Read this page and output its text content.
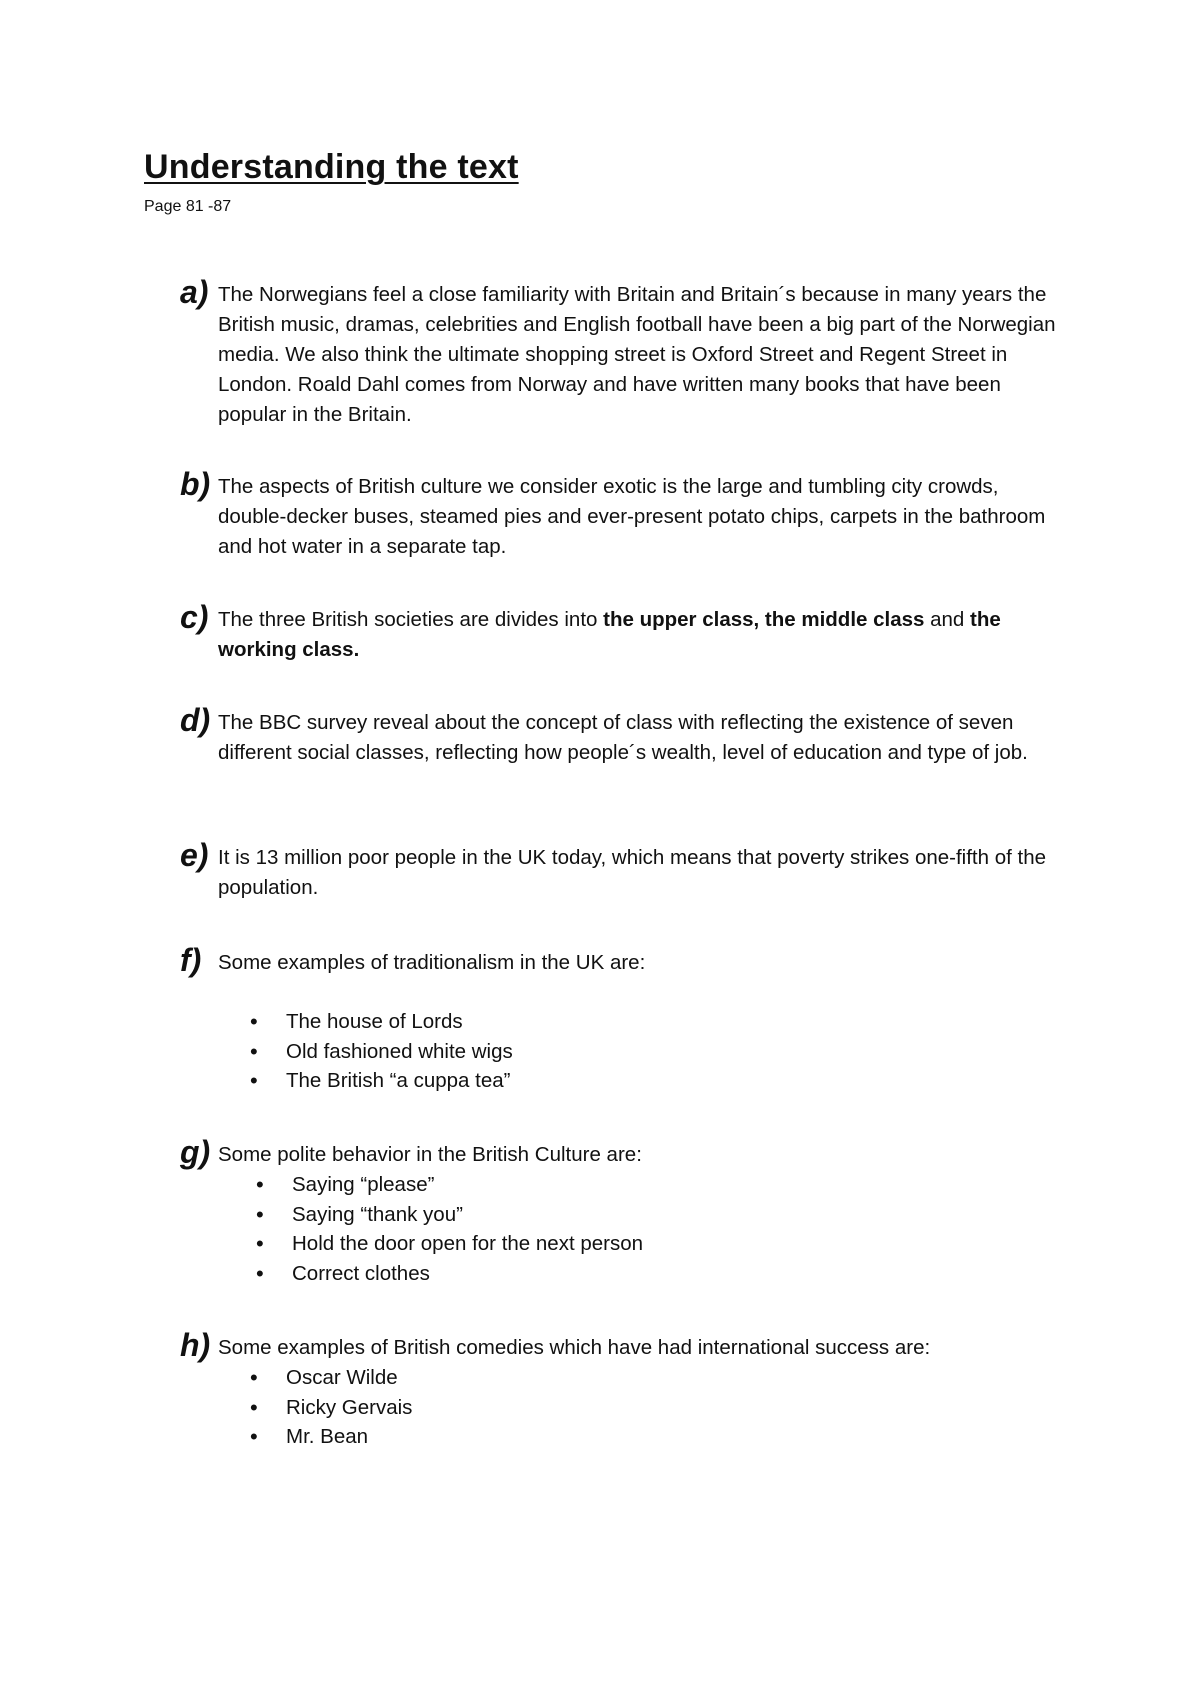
Understanding the text

Page 81 -87

a) The Norwegians feel a close familiarity with Britain and Britain´s because in many years the British music, dramas, celebrities and English football have been a big part of the Norwegian media. We also think the ultimate shopping street is Oxford Street and Regent Street in London. Roald Dahl comes from Norway and have written many books that have been popular in the Britain.

b) The aspects of British culture we consider exotic is the large and tumbling city crowds, double-decker buses, steamed pies and ever-present potato chips, carpets in the bathroom and hot water in a separate tap.

c) The three British societies are divides into the upper class, the middle class and the working class.

d) The BBC survey reveal about the concept of class with reflecting the existence of seven different social classes, reflecting how people´s wealth, level of education and type of job.

e) It is 13 million poor people in the UK today, which means that poverty strikes one-fifth of the population.

f) Some examples of traditionalism in the UK are:

• The house of Lords
• Old fashioned white wigs
• The British “a cuppa tea”
g) Some polite behavior in the British Culture are:

• Saying “please”
• Saying “thank you”
• Hold the door open for the next person
• Correct clothes
h) Some examples of British comedies which have had international success are:

• Oscar Wilde
• Ricky Gervais
• Mr. Bean
